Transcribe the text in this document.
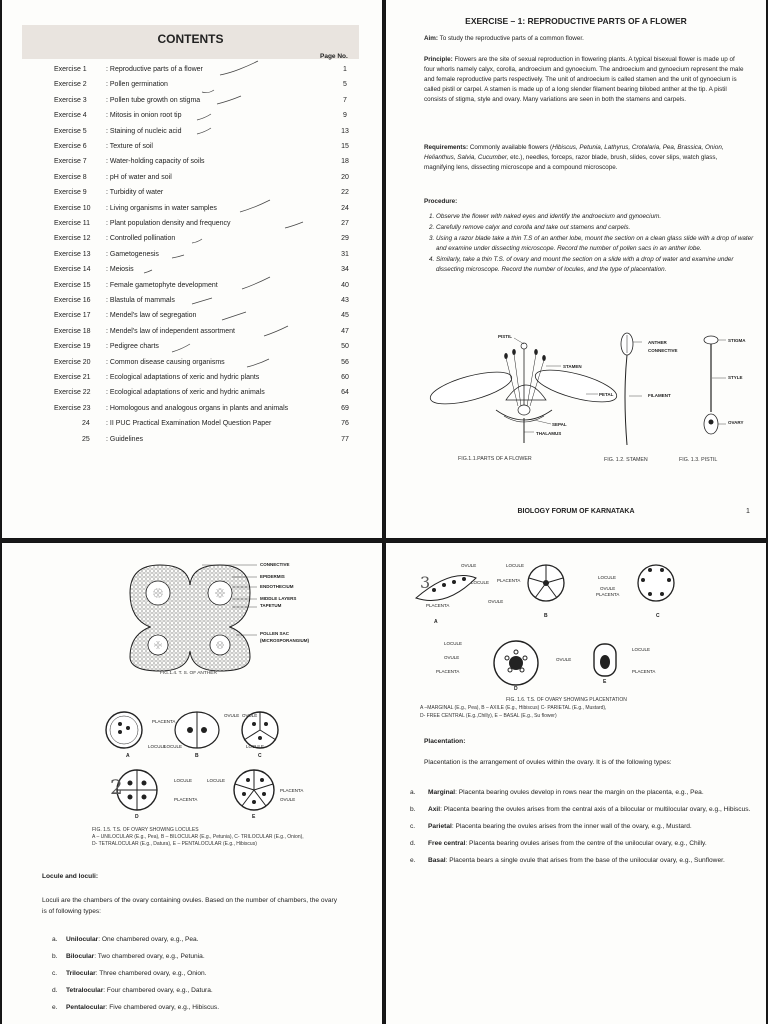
CONTENTS
Page No.
Exercise 1	: Reproductive parts of a flower	1
Exercise 2	: Pollen germination	5
Exercise 3	: Pollen tube growth on stigma	7
Exercise 4	: Mitosis in onion root tip	9
Exercise 5	: Staining of nucleic acid	13
Exercise 6	: Texture of soil	15
Exercise 7	: Water-holding capacity of soils	18
Exercise 8	: pH of water and soil	20
Exercise 9	: Turbidity of water	22
Exercise 10 : Living organisms in water samples	24
Exercise 11 : Plant population density and frequency	27
Exercise 12 : Controlled pollination	29
Exercise 13 : Gametogenesis	31
Exercise 14 : Meiosis	34
Exercise 15 : Female gametophyte development	40
Exercise 16 : Blastula of mammals	43
Exercise 17 : Mendel's law of segregation	45
Exercise 18 : Mendel's law of independent assortment	47
Exercise 19 : Pedigree charts	50
Exercise 20 : Common disease causing organisms	56
Exercise 21 : Ecological adaptations of xeric and hydric plants	60
Exercise 22 : Ecological adaptations of xeric and hydric animals	64
Exercise 23 : Homologous and analogous organs in plants and animals	69
24 : II PUC Practical Examination Model Question Paper	76
25 : Guidelines	77
EXERCISE – 1: REPRODUCTIVE PARTS OF A FLOWER
Aim: To study the reproductive parts of a common flower.
Principle: Flowers are the site of sexual reproduction in flowering plants. A typical bisexual flower is made up of four whorls namely calyx, corolla, androecium and gynoecium. The androecium and gynoecium represent the male and female reproductive parts respectively. The unit of androecium is called stamen and the unit of gynoecium is called pistil or carpel. A stamen is made up of a long slender filament bearing bilobed anther at the tip. A pistil consists of stigma, style and ovary. Many variations are seen in both the stamens and carpels.
Requirements: Commonly available flowers (Hibiscus, Petunia, Lathyrus, Crotalaria, Pea, Brassica, Onion, Helianthus, Salvia, Cucumber, etc.), needles, forceps, razor blade, brush, slides, cover slips, watch glass, magnifying lens, dissecting microscope and a compound microscope.
Procedure:
1. Observe the flower with naked eyes and identify the androecium and gynoecium.
2. Carefully remove calyx and corolla and take out stamens and carpels.
3. Using a razor blade take a thin T.S of an anther lobe, mount the section on a clean glass slide with a drop of water and examine under dissecting microscope. Record the number of pollen sacs in an anther lobe.
4. Similarly, take a thin T.S. of ovary and mount the section on a slide with a drop of water and examine under dissecting microscope. Record the number of locules, and the type of placentation.
PISTIL
STAMEN
PETAL
SEPAL
THALAMUS
ANTHER
CONNECTIVE
FILAMENT
STIGMA
STYLE
OVARY
FIG.1.1.PARTS OF A FLOWER	FIG. 1.2. STAMEN	FIG. 1.3. PISTIL
BIOLOGY FORUM OF KARNATAKA	1
CONNECTIVE
EPIDERMIS
ENDOTHECIUM
MIDDLE LAYERS
TAPETUM
POLLEN SAC
(MICROSPORANGIUM)
FIG.1.4. T. S. OF ANTHER
PLACENTA
OVULE OVULE
LOCULE
LOCULE	LOCULE
LOCULE
PLACENTA
LOCULE
PLACENTA
OVULE
A	B	C
D	E
2
FIG. 1.5. T.S. OF OVARY SHOWING LOCULES
A – UNILOCULAR (E.g., Pea), B – BILOCULAR (E.g., Petunia), C- TRILOCULAR (E.g., Onion),
D- TETRALOCULAR (E.g., Datura), E – PENTALOCULAR (E.g., Hibiscus)
Locule and loculi:
Loculi are the chambers of the ovary containing ovules. Based on the number of chambers, the ovary is of following types:
a. Unilocular: One chambered ovary, e.g., Pea.
b. Bilocular: Two chambered ovary, e.g., Petunia.
c. Trilocular: Three chambered ovary, e.g., Onion.
d. Tetralocular: Four chambered ovary, e.g., Datura.
e. Pentalocular: Five chambered ovary, e.g., Hibiscus.
OVULE	LOCULE
LOCULE PLACENTA
OVULE
PLACENTA
LOCULE
OVULE
PLACENTA
LOCULE
OVULE
PLACENTA
OVULE
LOCULE
PLACENTA
A
B	C
D
E
3
FIG. 1.6. T.S. OF OVARY SHOWING PLACENTATION
A –MARGINAL (E.g., Pea), B – AXILE (E.g., Hibiscus) C- PARIETAL (E.g., Mustard),
D- FREE CENTRAL (E.g.,Chilly), E – BASAL (E.g., Su flower)
Placentation:
Placentation is the arrangement of ovules within the ovary. It is of the following types:
a. Marginal: Placenta bearing ovules develop in rows near the margin on the placenta, e.g., Pea.
b. Axil: Placenta bearing the ovules arises from the central axis of a bilocular or multilocular ovary, e.g., Hibiscus.
c. Parietal: Placenta bearing the ovules arises from the inner wall of the ovary, e.g., Mustard.
d. Free central: Placenta bearing ovules arises from the centre of the unilocular ovary, e.g., Chilly.
e. Basal: Placenta bears a single ovule that arises from the base of the unilocular ovary, e.g., Sunflower.
